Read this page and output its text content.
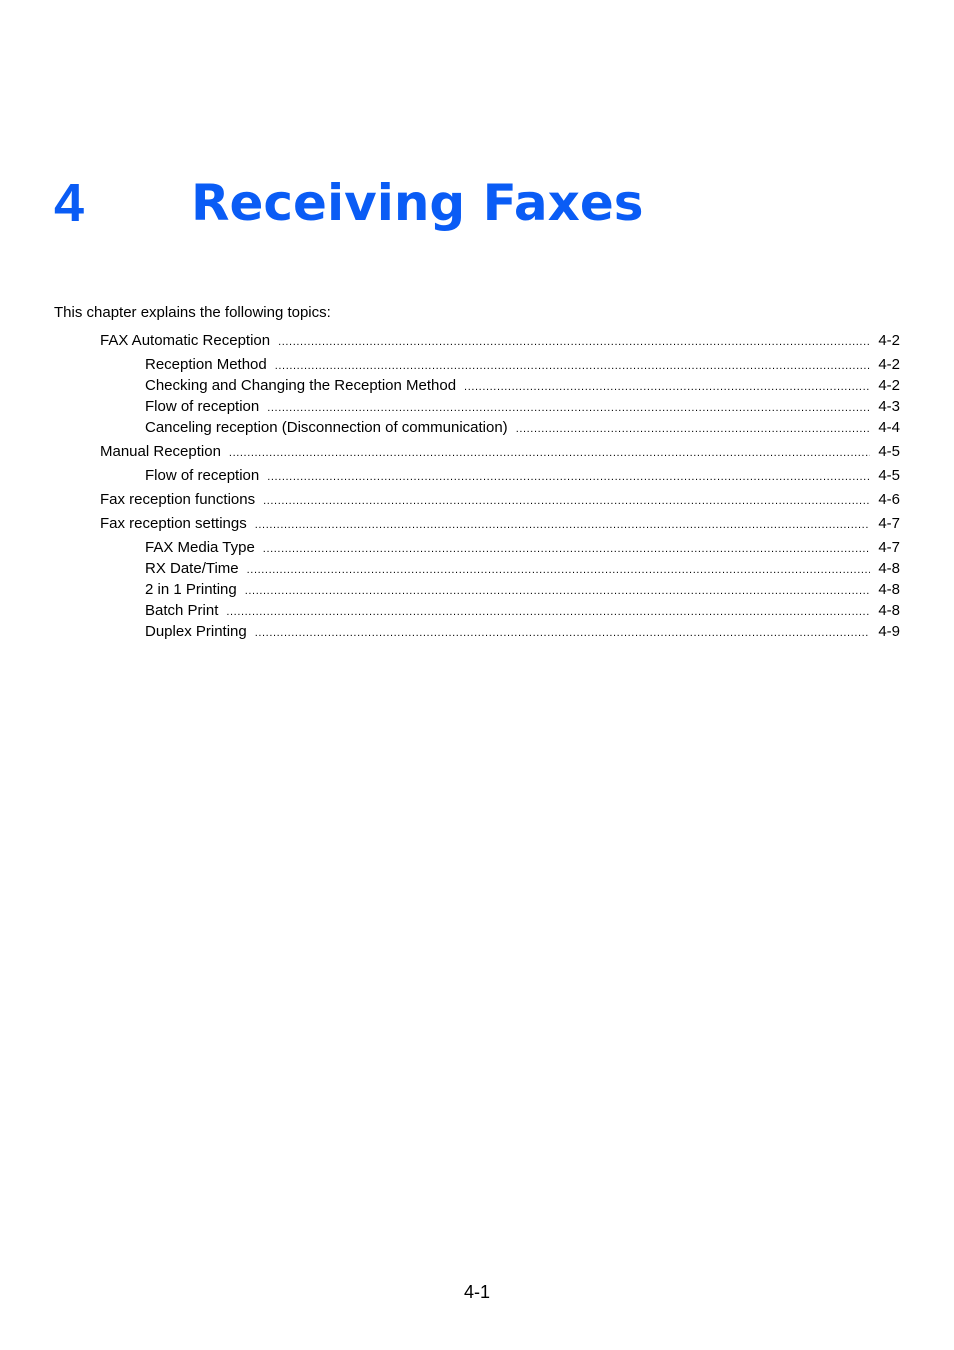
4 Receiving Faxes
This chapter explains the following topics:
FAX Automatic Reception .....	4-2
Reception Method .....	4-2
Checking and Changing the Reception Method .....	4-2
Flow of reception .....	4-3
Canceling reception (Disconnection of communication) .....	4-4
Manual Reception .....	4-5
Flow of reception .....	4-5
Fax reception functions .....	4-6
Fax reception settings .....	4-7
FAX Media Type .....	4-7
RX Date/Time .....	4-8
2 in 1 Printing .....	4-8
Batch Print .....	4-8
Duplex Printing .....	4-9
4-1
